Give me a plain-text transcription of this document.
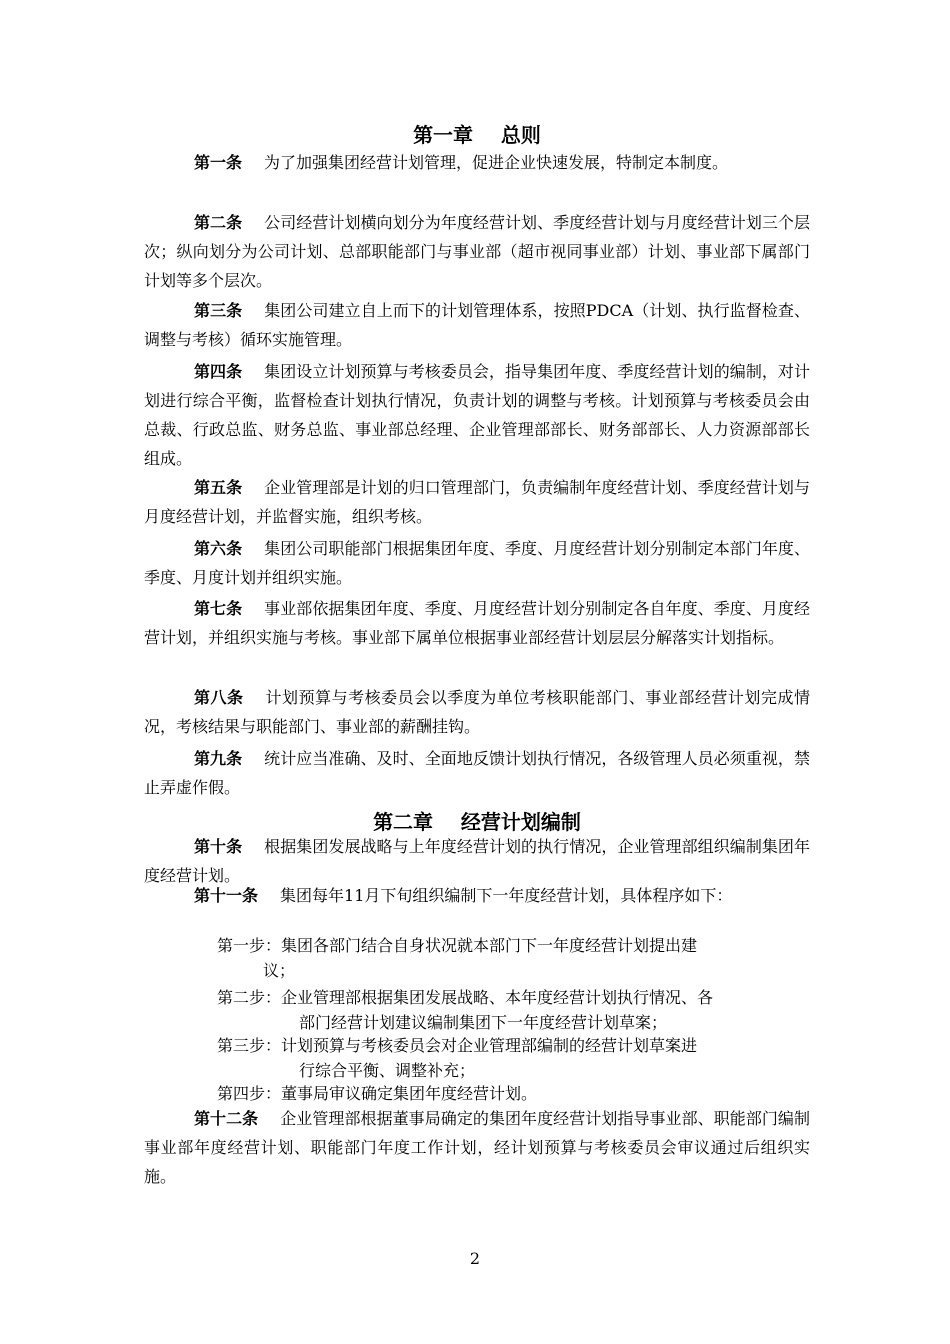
第一章    总则

第一条 为了加强集团经营计划管理，促进企业快速发展，特制定本制度。

第二条 公司经营计划横向划分为年度经营计划、季度经营计划与月度经营计划三个层次；纵向划分为公司计划、总部职能部门与事业部（超市视同事业部）计划、事业部下属部门计划等多个层次。

第三条 集团公司建立自上而下的计划管理体系，按照PDCA（计划、执行监督检查、调整与考核）循环实施管理。

第四条 集团设立计划预算与考核委员会，指导集团年度、季度经营计划的编制，对计划进行综合平衡，监督检查计划执行情况，负责计划的调整与考核。计划预算与考核委员会由总裁、行政总监、财务总监、事业部总经理、企业管理部部长、财务部部长、人力资源部部长组成。

第五条 企业管理部是计划的归口管理部门，负责编制年度经营计划、季度经营计划与月度经营计划，并监督实施，组织考核。

第六条 集团公司职能部门根据集团年度、季度、月度经营计划分别制定本部门年度、季度、月度计划并组织实施。

第七条 事业部依据集团年度、季度、月度经营计划分别制定各自年度、季度、月度经营计划，并组织实施与考核。事业部下属单位根据事业部经营计划层层分解落实计划指标。

第八条 计划预算与考核委员会以季度为单位考核职能部门、事业部经营计划完成情况，考核结果与职能部门、事业部的薪酬挂钩。

第九条 统计应当准确、及时、全面地反馈计划执行情况，各级管理人员必须重视，禁止弄虚作假。

第二章    经营计划编制

第十条 根据集团发展战略与上年度经营计划的执行情况，企业管理部组织编制集团年度经营计划。

第十一条 集团每年11月下旬组织编制下一年度经营计划，具体程序如下：

第一步：集团各部门结合自身状况就本部门下一年度经营计划提出建
议；
第二步：企业管理部根据集团发展战略、本年度经营计划执行情况、各
部门经营计划建议编制集团下一年度经营计划草案；
第三步：计划预算与考核委员会对企业管理部编制的经营计划草案进
行综合平衡、调整补充；
第四步：董事局审议确定集团年度经营计划。

第十二条 企业管理部根据董事局确定的集团年度经营计划指导事业部、职能部门编制事业部年度经营计划、职能部门年度工作计划，经计划预算与考核委员会审议通过后组织实施。

2
